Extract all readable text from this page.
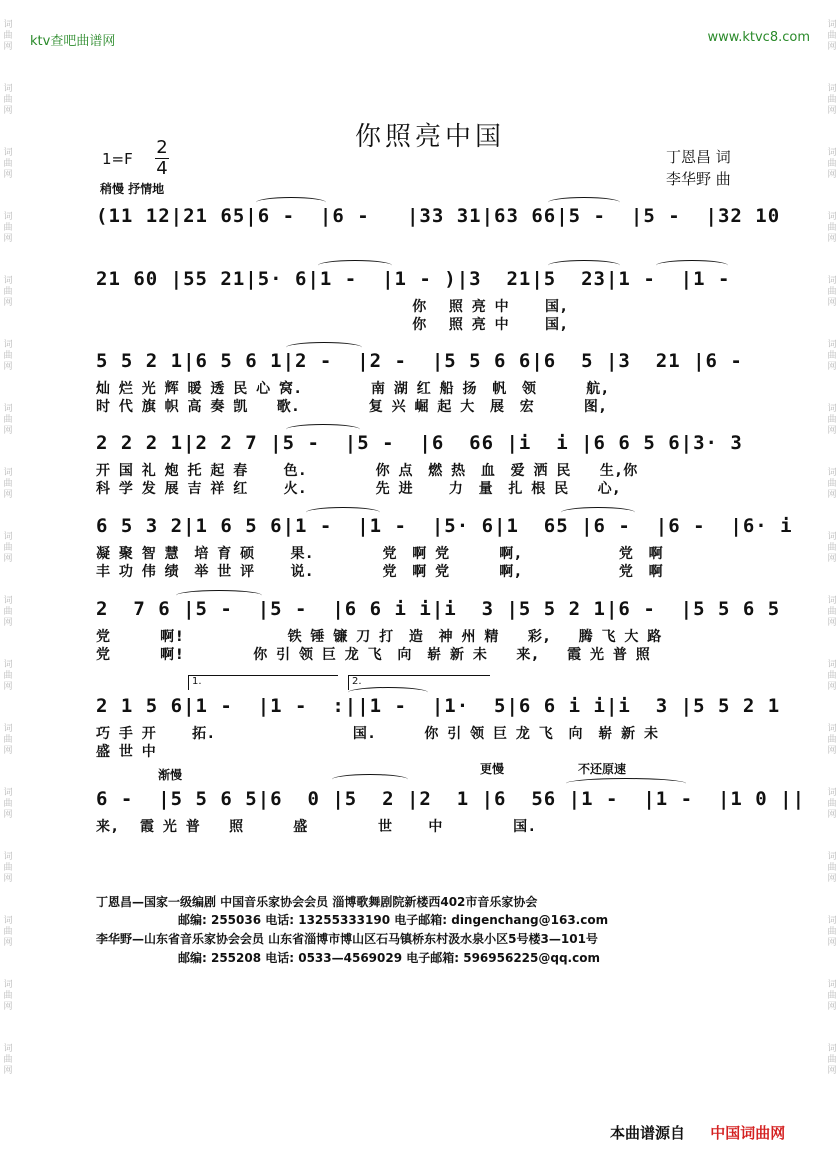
词
曲
网
词
曲
网
词
曲
网
词
曲
网
词
曲
网
词
曲
网
词
曲
网
词
曲
网
词
曲
网
词
曲
网
词
曲
网
词
曲
网
词
曲
网
词
曲
网
词
曲
网
词
曲
网
词
曲
网
词
曲
网
词
曲
网
词
曲
网
词
曲
网
词
曲
网
词
曲
网
词
曲
网
词
曲
网
词
曲
网
词
曲
网
词
曲
网
词
曲
网
词
曲
网
词
曲
网
词
曲
网
词
曲
网
词
曲
网
ktv查吧曲谱网	www.ktvc8.com
你照亮中国
$1=F \frac{2}{4}$
稍慢 抒情地
丁恩昌 词
李华野 曲
(11 12|21 65|6 -  |6 -   |33 31|63 66|5 -  |5 -  |32 10
21 60 |55 21|5· 6|1 -  |1 - )|3  21|5  23|1 -  |1 -
你   照 亮 中     国,
你   照 亮 中     国,
5 5 2 1|6 5 6 1|2 -  |2 -  |5 5 6 6|6  5 |3  21 |6 -
灿 烂 光 辉 暖 透 民 心 窝.          南 湖 红 船 扬  帆  领       航,
时 代 旗 帜 高 奏 凯    歌.          复 兴 崛 起 大  展  宏       图,
2 2 2 1|2 2 7 |5 -  |5 -  |6  66 |i  i |6 6 5 6|3· 3
开 国 礼 炮 托 起 春     色.          你 点  燃 热  血  爱 洒 民    生,你
科 学 发 展 吉 祥 红     火.          先 进     力  量  扎 根 民    心,
6 5 3 2|1 6 5 6|1 -  |1 -  |5· 6|1  65 |6 -  |6 -  |6· i
凝 聚 智 慧  培 育 硕     果.          党  啊 党       啊,              党  啊
丰 功 伟 绩  举 世 评     说.          党  啊 党       啊,              党  啊
2  7 6 |5 -  |5 -  |6 6 i i|i  3 |5 5 2 1|6 -  |5 5 6 5
党       啊!               铁 锤 镰 刀 打  造  神 州 精    彩,    腾 飞 大 路
党       啊!          你 引 领 巨 龙 飞  向  崭 新 未    来,    霞 光 普 照
1.	2.
2 1 5 6|1 -  |1 -  :||1 -  |1·  5|6 6 i i|i  3 |5 5 2 1
巧 手 开     拓.                    国.       你 引 领 巨 龙 飞  向  崭 新 未
盛 世 中
渐慢	更慢	不还原速
6 -  |5 5 6 5|6  0 |5  2 |2  1 |6  56 |1 -  |1 -  |1 0 ||
来,   霞 光 普    照       盛          世     中          国.
丁恩昌—国家一级编剧 中国音乐家协会会员 淄博歌舞剧院新楼西402市音乐家协会
邮编: 255036 电话: 13255333190 电子邮箱: dingenchang@163.com
李华野—山东省音乐家协会会员 山东省淄博市博山区石马镇桥东村汲水泉小区5号楼3—101号
邮编: 255208 电话: 0533—4569029 电子邮箱: 596956225@qq.com
本曲谱源自 中国词曲网
